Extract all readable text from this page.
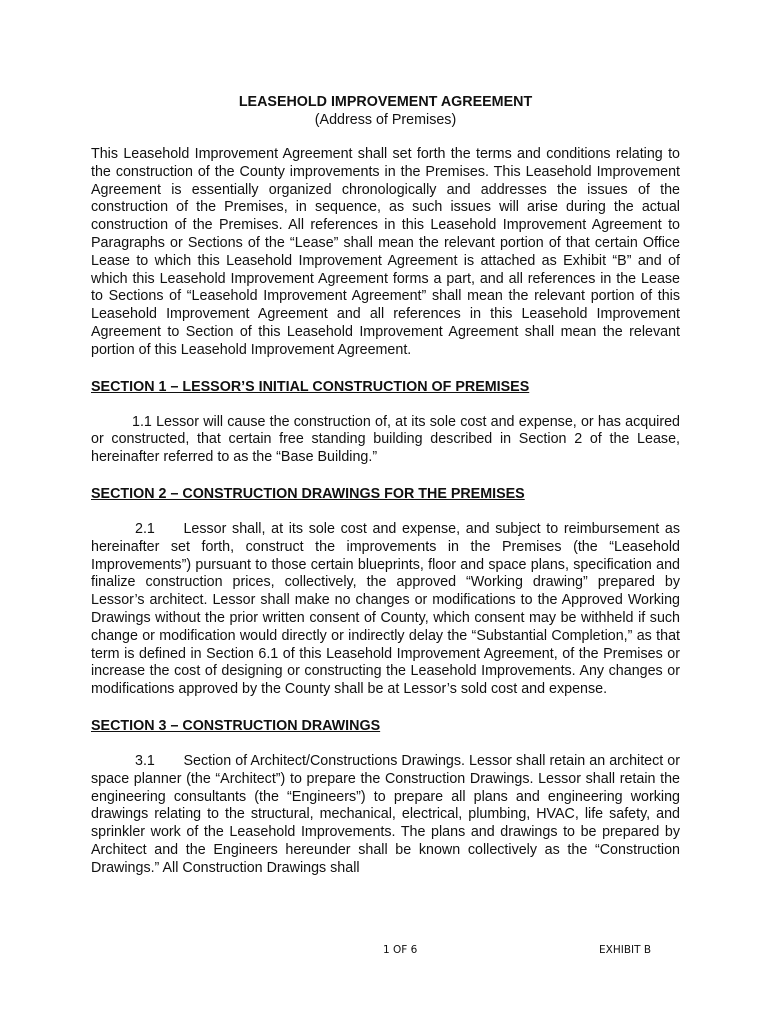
LEASEHOLD IMPROVEMENT AGREEMENT
(Address of Premises)

This Leasehold Improvement Agreement shall set forth the terms and conditions relating to the construction of the County improvements in the Premises. This Leasehold Improvement Agreement is essentially organized chronologically and addresses the issues of the construction of the Premises, in sequence, as such issues will arise during the actual construction of the Premises. All references in this Leasehold Improvement Agreement to Paragraphs or Sections of the “Lease” shall mean the relevant portion of that certain Office Lease to which this Leasehold Improvement Agreement is attached as Exhibit “B” and of which this Leasehold Improvement Agreement forms a part, and all references in the Lease to Sections of “Leasehold Improvement Agreement” shall mean the relevant portion of this Leasehold Improvement Agreement and all references in this Leasehold Improvement Agreement to Section of this Leasehold Improvement Agreement shall mean the relevant portion of this Leasehold Improvement Agreement.

SECTION 1 – LESSOR’S INITIAL CONSTRUCTION OF PREMISES

1.1 Lessor will cause the construction of, at its sole cost and expense, or has acquired or constructed, that certain free standing building described in Section 2 of the Lease, hereinafter referred to as the “Base Building.”

SECTION 2 – CONSTRUCTION DRAWINGS FOR THE PREMISES

2.1  Lessor shall, at its sole cost and expense, and subject to reimbursement as hereinafter set forth, construct the improvements in the Premises (the “Leasehold Improvements”) pursuant to those certain blueprints, floor and space plans, specification and finalize construction prices, collectively, the approved “Working drawing” prepared by Lessor’s architect. Lessor shall make no changes or modifications to the Approved Working Drawings without the prior written consent of County, which consent may be withheld if such change or modification would directly or indirectly delay the “Substantial Completion,” as that term is defined in Section 6.1 of this Leasehold Improvement Agreement, of the Premises or increase the cost of designing or constructing the Leasehold Improvements. Any changes or modifications approved by the County shall be at Lessor’s sold cost and expense.

SECTION 3 – CONSTRUCTION DRAWINGS

3.1  Section of Architect/Constructions Drawings. Lessor shall retain an architect or space planner (the “Architect”) to prepare the Construction Drawings. Lessor shall retain the engineering consultants (the “Engineers”) to prepare all plans and engineering working drawings relating to the structural, mechanical, electrical, plumbing, HVAC, life safety, and sprinkler work of the Leasehold Improvements. The plans and drawings to be prepared by Architect and the Engineers hereunder shall be known collectively as the “Construction Drawings.” All Construction Drawings shall

1 OF 6	EXHIBIT B
